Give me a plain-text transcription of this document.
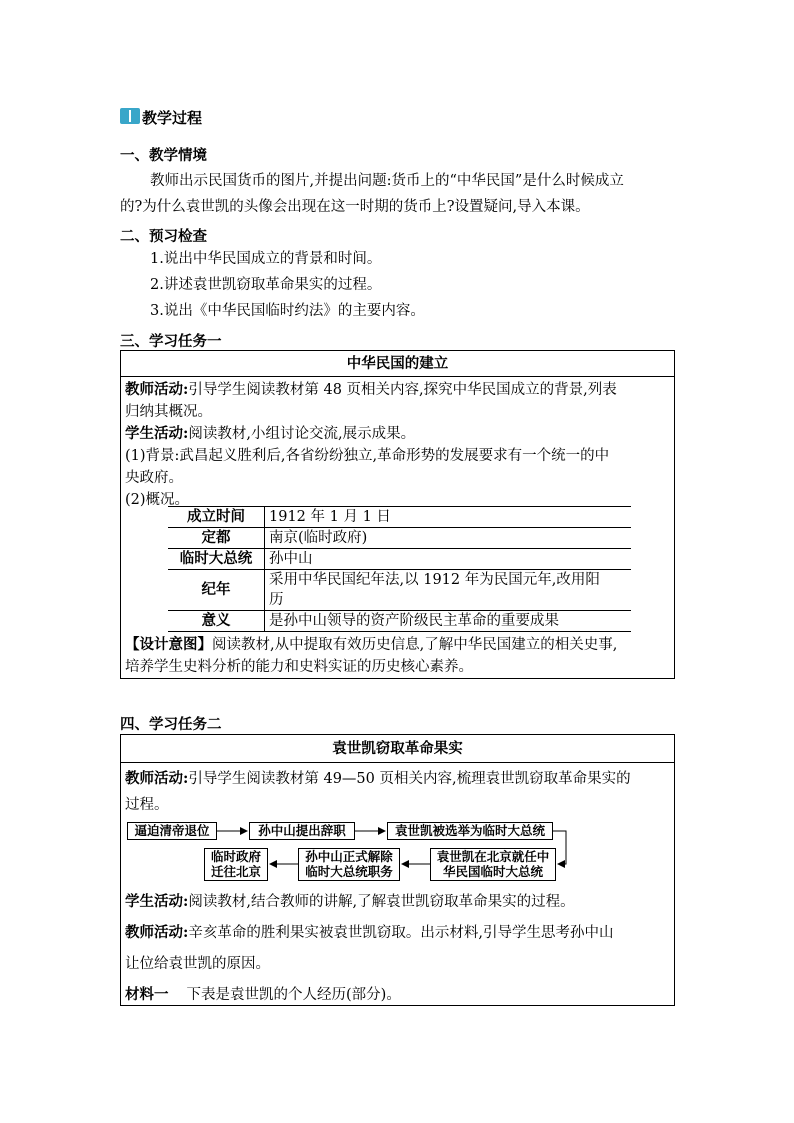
教学过程
一、教学情境
教师出示民国货币的图片,并提出问题:货币上的“中华民国”是什么时候成立
的?为什么袁世凯的头像会出现在这一时期的货币上?设置疑问,导入本课。
二、预习检查
1.说出中华民国成立的背景和时间。
2.讲述袁世凯窃取革命果实的过程。
3.说出《中华民国临时约法》的主要内容。
三、学习任务一
中华民国的建立
教师活动:引导学生阅读教材第 48 页相关内容,探究中华民国成立的背景,列表
归纳其概况。
学生活动:阅读教材,小组讨论交流,展示成果。
(1)背景:武昌起义胜利后,各省纷纷独立,革命形势的发展要求有一个统一的中
央政府。
(2)概况。
成立时间	1912 年 1 月 1 日
定都	南京(临时政府)
临时大总统	孙中山
纪年	采用中华民国纪年法,以 1912 年为民国元年,改用阳
历

意义	是孙中山领导的资产阶级民主革命的重要成果
【设计意图】阅读教材,从中提取有效历史信息,了解中华民国建立的相关史事,
培养学生史料分析的能力和史料实证的历史核心素养。
四、学习任务二
袁世凯窃取革命果实
教师活动:引导学生阅读教材第 49—50 页相关内容,梳理袁世凯窃取革命果实的
过程。
逼迫清帝退位	孙中山提出辞职	袁世凯被选举为临时大总统
袁世凯在北京就任中
华民国临时大总统
孙中山正式解除
临时大总统职务
临时政府
迁往北京
学生活动:阅读教材,结合教师的讲解,了解袁世凯窃取革命果实的过程。
教师活动:辛亥革命的胜利果实被袁世凯窃取。出示材料,引导学生思考孙中山
让位给袁世凯的原因。
材料一 下表是袁世凯的个人经历(部分)。
